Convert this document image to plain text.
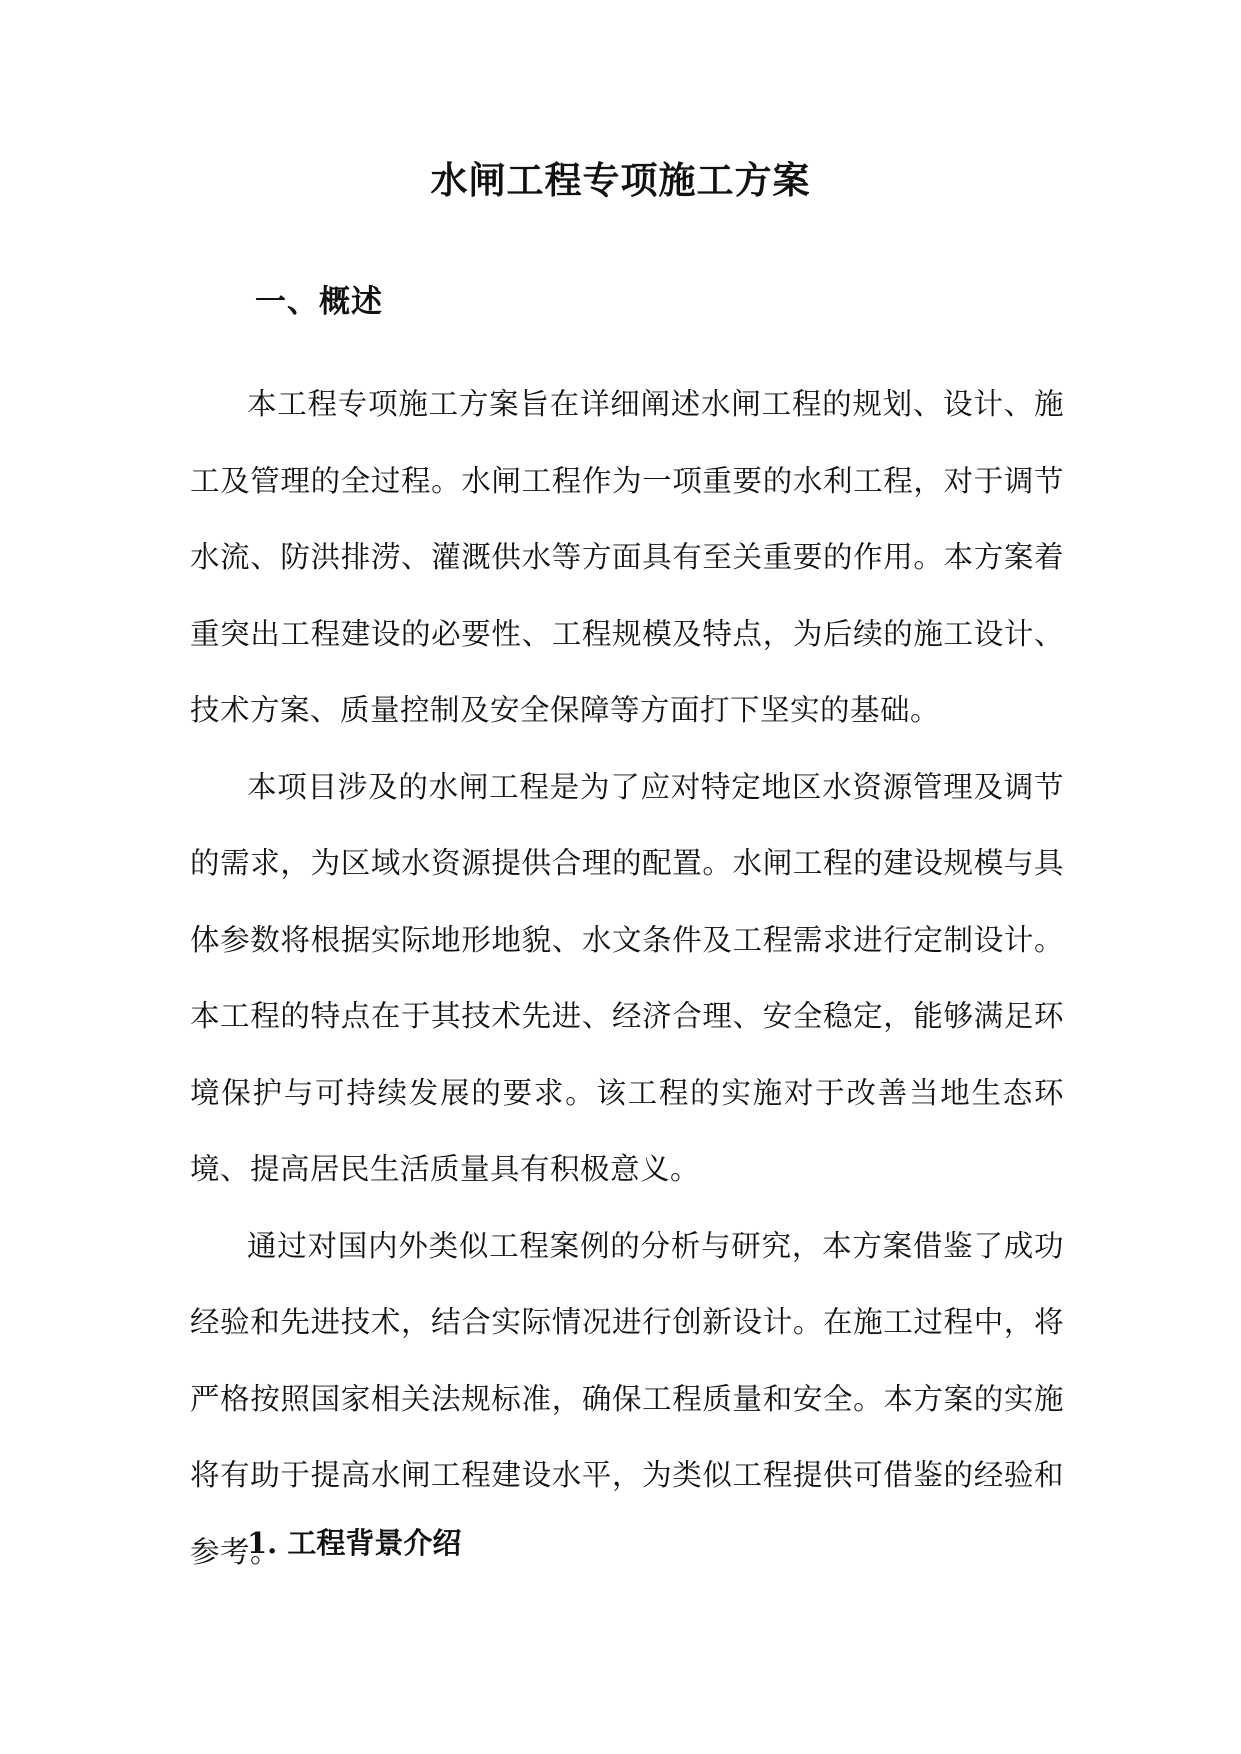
水闸工程专项施工方案
一、概述

本工程专项施工方案旨在详细阐述水闸工程的规划、设计、施工及管理的全过程。水闸工程作为一项重要的水利工程，对于调节水流、防洪排涝、灌溉供水等方面具有至关重要的作用。本方案着重突出工程建设的必要性、工程规模及特点，为后续的施工设计、技术方案、质量控制及安全保障等方面打下坚实的基础。

本项目涉及的水闸工程是为了应对特定地区水资源管理及调节的需求，为区域水资源提供合理的配置。水闸工程的建设规模与具体参数将根据实际地形地貌、水文条件及工程需求进行定制设计。本工程的特点在于其技术先进、经济合理、安全稳定，能够满足环境保护与可持续发展的要求。该工程的实施对于改善当地生态环境、提高居民生活质量具有积极意义。

通过对国内外类似工程案例的分析与研究，本方案借鉴了成功经验和先进技术，结合实际情况进行创新设计。在施工过程中，将严格按照国家相关法规标准，确保工程质量和安全。本方案的实施将有助于提高水闸工程建设水平，为类似工程提供可借鉴的经验和参考。

1. 工程背景介绍
